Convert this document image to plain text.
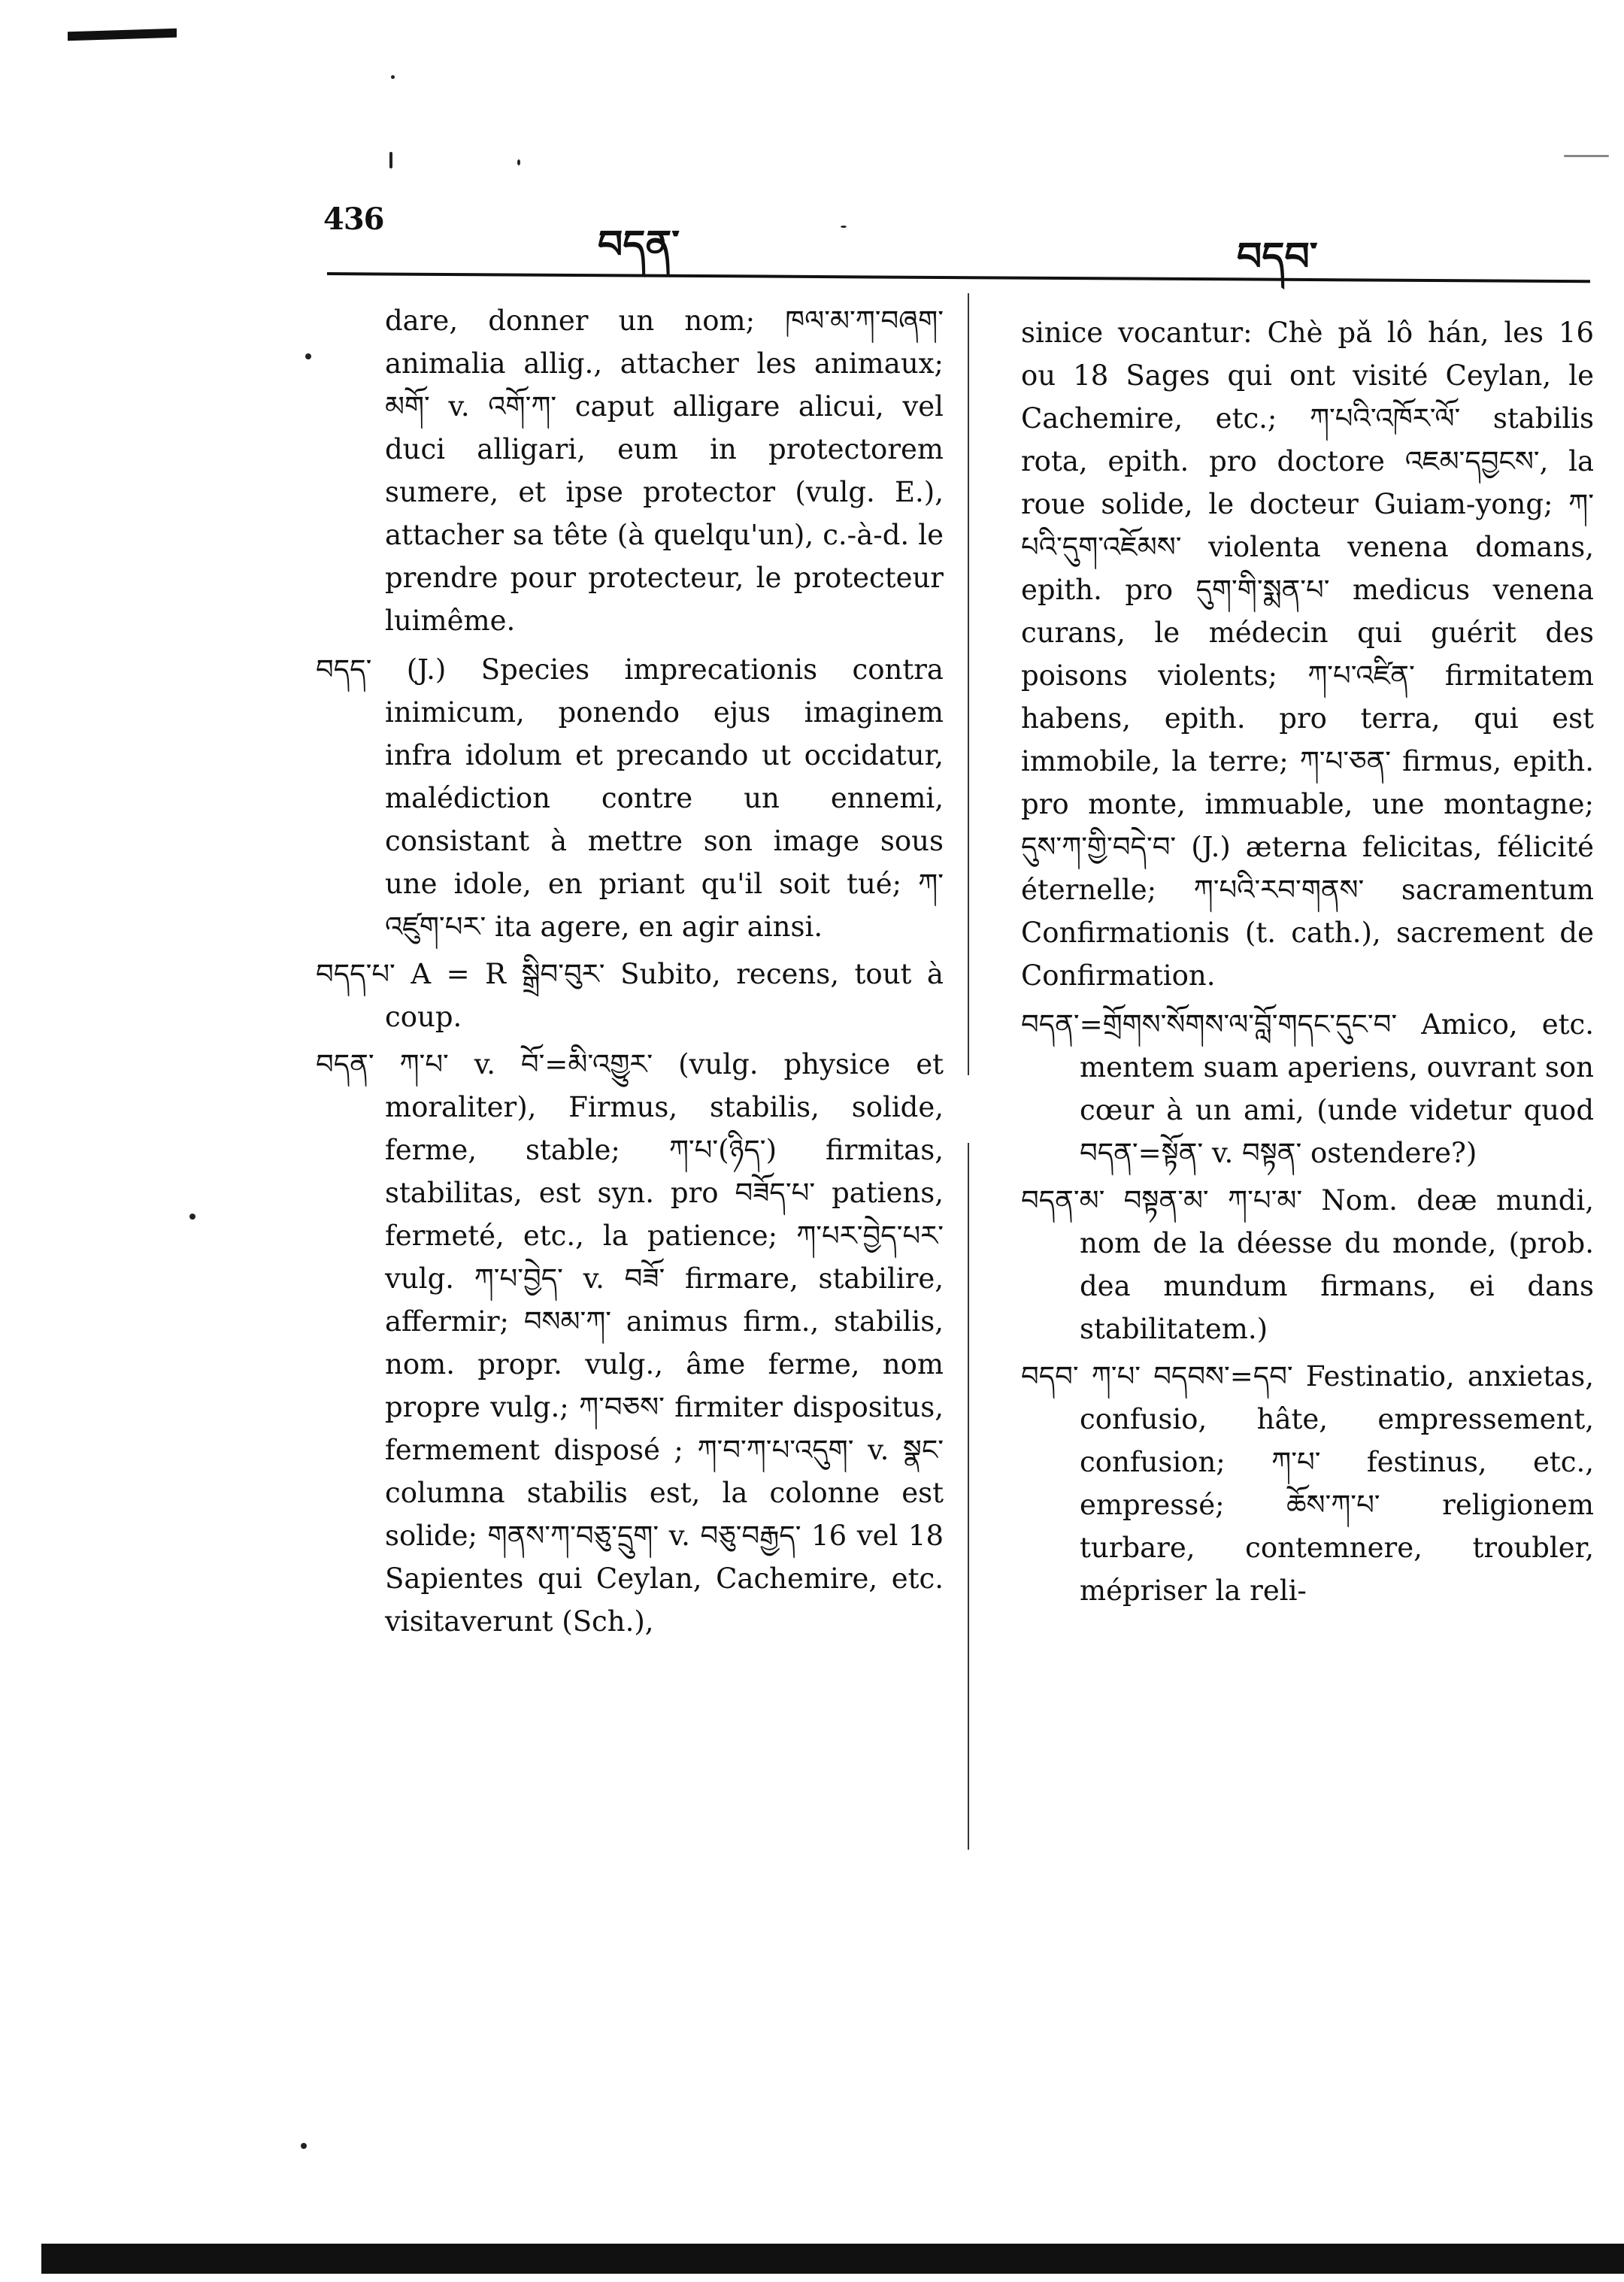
436
བདན་	བདབ་

dare, donner un nom; ཁལ་མ་ཀ་བཞག་ animalia allig., attacher les animaux; མགོ་ v. འགོ་ཀ་ caput alligare alicui, vel duci alligari, eum in protectorem sumere, et ipse protector (vulg. E.), attacher sa tête (à quelqu'un), c.-à-d. le prendre pour protecteur, le protecteur luimême.

བདད་ (J.) Species imprecationis contra inimicum, ponendo ejus imaginem infra idolum et precando ut occidatur, malédiction contre un ennemi, consistant à mettre son image sous une idole, en priant qu'il soit tué; ཀ་འཛུག་པར་ ita agere, en agir ainsi.

བདད་པ་ A = R སྒྲིབ་བུར་ Subito, recens, tout à coup.

བདན་ ཀ་པ་ v. བོ་=མི་འགྱུར་ (vulg. physice et moraliter), Firmus, stabilis, solide, ferme, stable; ཀ་པ་(ཉིད་) firmitas, stabilitas, est syn. pro བཟོད་པ་ patiens, fermeté, etc., la patience; ཀ་པར་བྱེད་པར་ vulg. ཀ་པ་བྱེད་ v. བཟོ་ firmare, stabilire, affermir; བསམ་ཀ་ animus firm., stabilis, nom. propr. vulg., âme ferme, nom propre vulg.; ཀ་བཅས་ firmiter dispositus, fermement disposé ; ཀ་བ་ཀ་པ་འདུག་ v. སྣང་ columna stabilis est, la colonne est solide; གནས་ཀ་བཅུ་དྲུག་ v. བཅུ་བརྒྱད་ 16 vel 18 Sapientes qui Ceylan, Cachemire, etc. visitaverunt (Sch.),

sinice vocantur: Chè pǎ lô hán, les 16 ou 18 Sages qui ont visité Ceylan, le Cachemire, etc.; ཀ་པའི་འཁོར་ལོ་ stabilis rota, epith. pro doctore འཇམ་དབྱངས་, la roue solide, le docteur Guiam-yong; ཀ་པའི་དུག་འཇོམས་ violenta venena domans, epith. pro དུག་གི་སྨན་པ་ medicus venena curans, le médecin qui guérit des poisons violents; ཀ་པ་འཛིན་ firmitatem habens, epith. pro terra, qui est immobile, la terre; ཀ་པ་ཅན་ firmus, epith. pro monte, immuable, une montagne; དུས་ཀ་གྱི་བདེ་བ་ (J.) æterna felicitas, félicité éternelle; ཀ་པའི་རབ་གནས་ sacramentum Confirmationis (t. cath.), sacrement de Confirmation.

བདན་=གྲོགས་སོགས་ལ་བློ་གདང་དུང་བ་ Amico, etc. mentem suam aperiens, ouvrant son cœur à un ami, (unde videtur quod བདན་=སྟོན་ v. བསྟན་ ostendere?)

བདན་མ་ བསྟན་མ་ ཀ་པ་མ་ Nom. deæ mundi, nom de la déesse du monde, (prob. dea mundum firmans, ei dans stabilitatem.)

བདབ་ ཀ་པ་ བདབས་=དབ་ Festinatio, anxietas, confusio, hâte, empressement, confusion; ཀ་པ་ festinus, etc., empressé; ཆོས་ཀ་པ་ religionem turbare, contemnere, troubler, mépriser la reli-
